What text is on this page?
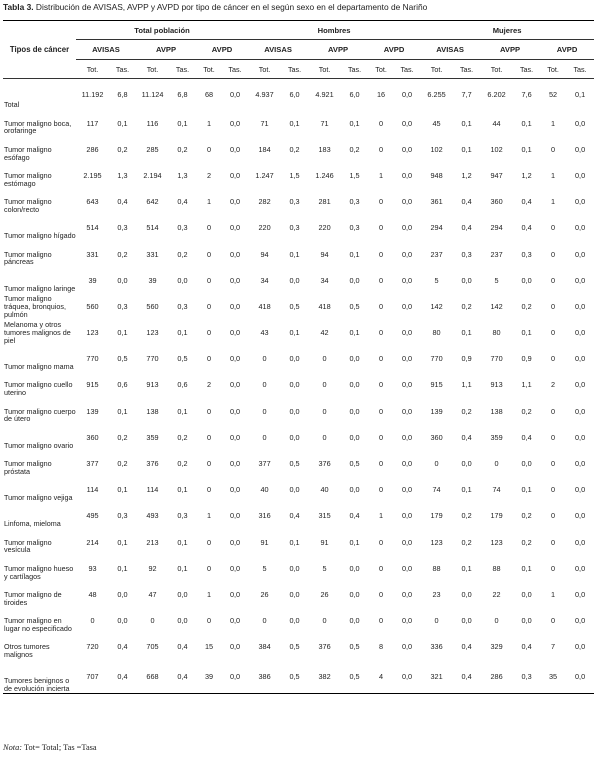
Tabla 3. Distribución de AVISAS, AVPP y AVPD por tipo de cáncer en el según sexo en el departamento de Nariño
Tipos de cáncer	Total población						Hombres						Mujeres					
	AVISAS		AVPP		AVPD		AVISAS		AVPP		AVPD		AVISAS		AVPP		AVPD	
	Tot.	Tas.	Tot.	Tas.	Tot.	Tas.	Tot.	Tas.	Tot.	Tas.	Tot.	Tas.	Tot.	Tas.	Tot.	Tas.	Tot.	Tas.
Total	11.192	6,8	11.124	6,8	68	0,0	4.937	6,0	4.921	6,0	16	0,0	6.255	7,7	6.202	7,6	52	0,1
Tumor maligno boca, orofaringe	117	0,1	116	0,1	1	0,0	71	0,1	71	0,1	0	0,0	45	0,1	44	0,1	1	0,0
Tumor maligno esófago	286	0,2	285	0,2	0	0,0	184	0,2	183	0,2	0	0,0	102	0,1	102	0,1	0	0,0
Tumor maligno estómago	2.195	1,3	2.194	1,3	2	0,0	1.247	1,5	1.246	1,5	1	0,0	948	1,2	947	1,2	1	0,0
Tumor maligno colon/recto	643	0,4	642	0,4	1	0,0	282	0,3	281	0,3	0	0,0	361	0,4	360	0,4	1	0,0
Tumor maligno hígado	514	0,3	514	0,3	0	0,0	220	0,3	220	0,3	0	0,0	294	0,4	294	0,4	0	0,0
Tumor maligno páncreas	331	0,2	331	0,2	0	0,0	94	0,1	94	0,1	0	0,0	237	0,3	237	0,3	0	0,0
Tumor maligno laringe	39	0,0	39	0,0	0	0,0	34	0,0	34	0,0	0	0,0	5	0,0	5	0,0	0	0,0
Tumor maligno tráquea, bronquios, pulmón	560	0,3	560	0,3	0	0,0	418	0,5	418	0,5	0	0,0	142	0,2	142	0,2	0	0,0
Melanoma y otros tumores malignos de piel	123	0,1	123	0,1	0	0,0	43	0,1	42	0,1	0	0,0	80	0,1	80	0,1	0	0,0
Tumor maligno mama	770	0,5	770	0,5	0	0,0	0	0,0	0	0,0	0	0,0	770	0,9	770	0,9	0	0,0
Tumor maligno cuello uterino	915	0,6	913	0,6	2	0,0	0	0,0	0	0,0	0	0,0	915	1,1	913	1,1	2	0,0
Tumor maligno cuerpo de útero	139	0,1	138	0,1	0	0,0	0	0,0	0	0,0	0	0,0	139	0,2	138	0,2	0	0,0
Tumor maligno ovario	360	0,2	359	0,2	0	0,0	0	0,0	0	0,0	0	0,0	360	0,4	359	0,4	0	0,0
Tumor maligno próstata	377	0,2	376	0,2	0	0,0	377	0,5	376	0,5	0	0,0	0	0,0	0	0,0	0	0,0
Tumor maligno vejiga	114	0,1	114	0,1	0	0,0	40	0,0	40	0,0	0	0,0	74	0,1	74	0,1	0	0,0
Linfoma, mieloma	495	0,3	493	0,3	1	0,0	316	0,4	315	0,4	1	0,0	179	0,2	179	0,2	0	0,0
Tumor maligno vesícula	214	0,1	213	0,1	0	0,0	91	0,1	91	0,1	0	0,0	123	0,2	123	0,2	0	0,0
Tumor maligno hueso y cartílagos	93	0,1	92	0,1	0	0,0	5	0,0	5	0,0	0	0,0	88	0,1	88	0,1	0	0,0
Tumor maligno de tiroides	48	0,0	47	0,0	1	0,0	26	0,0	26	0,0	0	0,0	23	0,0	22	0,0	1	0,0
Tumor maligno en lugar no especificado	0	0,0	0	0,0	0	0,0	0	0,0	0	0,0	0	0,0	0	0,0	0	0,0	0	0,0
Otros tumores malignos	720	0,4	705	0,4	15	0,0	384	0,5	376	0,5	8	0,0	336	0,4	329	0,4	7	0,0
Tumores benignos o de evolución incierta	707	0,4	668	0,4	39	0,0	386	0,5	382	0,5	4	0,0	321	0,4	286	0,3	35	0,0
Nota: Tot= Total; Tas =Tasa
